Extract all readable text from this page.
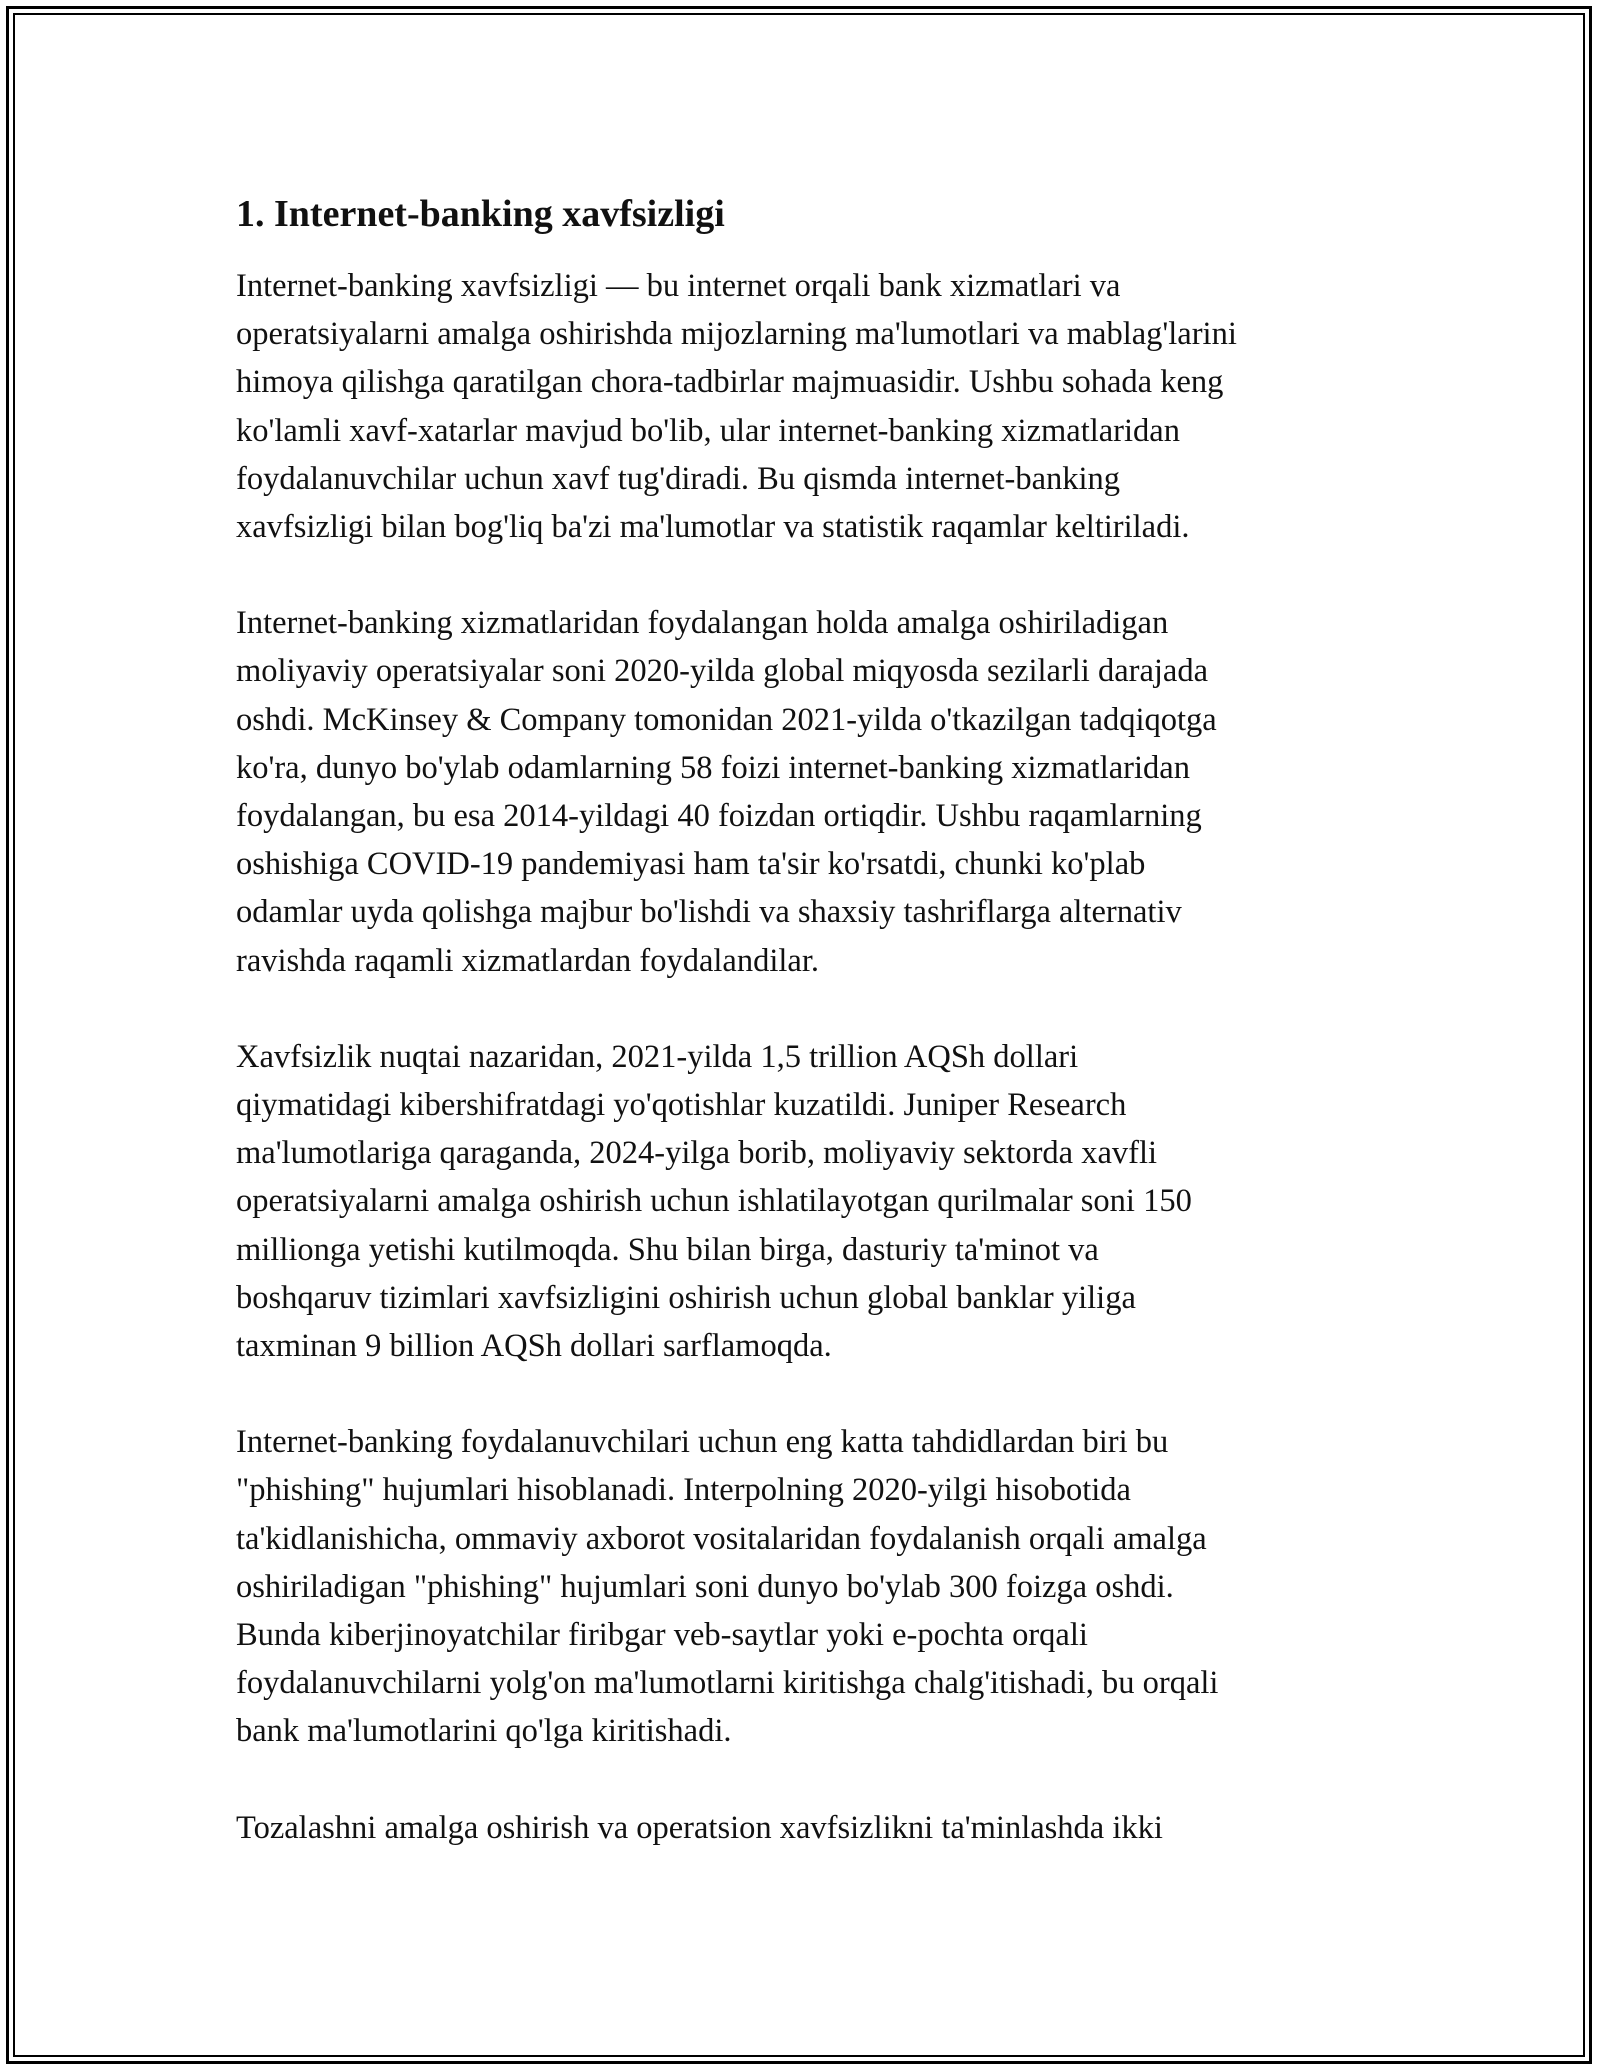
1. Internet-banking xavfsizligi

Internet-banking xavfsizligi — bu internet orqali bank xizmatlari va
operatsiyalarni amalga oshirishda mijozlarning ma'lumotlari va mablag'larini
himoya qilishga qaratilgan chora-tadbirlar majmuasidir. Ushbu sohada keng
ko'lamli xavf-xatarlar mavjud bo'lib, ular internet-banking xizmatlaridan
foydalanuvchilar uchun xavf tug'diradi. Bu qismda internet-banking
xavfsizligi bilan bog'liq ba'zi ma'lumotlar va statistik raqamlar keltiriladi.

Internet-banking xizmatlaridan foydalangan holda amalga oshiriladigan
moliyaviy operatsiyalar soni 2020-yilda global miqyosda sezilarli darajada
oshdi. McKinsey & Company tomonidan 2021-yilda o'tkazilgan tadqiqotga
ko'ra, dunyo bo'ylab odamlarning 58 foizi internet-banking xizmatlaridan
foydalangan, bu esa 2014-yildagi 40 foizdan ortiqdir. Ushbu raqamlarning
oshishiga COVID-19 pandemiyasi ham ta'sir ko'rsatdi, chunki ko'plab
odamlar uyda qolishga majbur bo'lishdi va shaxsiy tashriflarga alternativ
ravishda raqamli xizmatlardan foydalandilar.

Xavfsizlik nuqtai nazaridan, 2021-yilda 1,5 trillion AQSh dollari
qiymatidagi kibershifratdagi yo'qotishlar kuzatildi. Juniper Research
ma'lumotlariga qaraganda, 2024-yilga borib, moliyaviy sektorda xavfli
operatsiyalarni amalga oshirish uchun ishlatilayotgan qurilmalar soni 150
millionga yetishi kutilmoqda. Shu bilan birga, dasturiy ta'minot va
boshqaruv tizimlari xavfsizligini oshirish uchun global banklar yiliga
taxminan 9 billion AQSh dollari sarflamoqda.

Internet-banking foydalanuvchilari uchun eng katta tahdidlardan biri bu
"phishing" hujumlari hisoblanadi. Interpolning 2020-yilgi hisobotida
ta'kidlanishicha, ommaviy axborot vositalaridan foydalanish orqali amalga
oshiriladigan "phishing" hujumlari soni dunyo bo'ylab 300 foizga oshdi.
Bunda kiberjinoyatchilar firibgar veb-saytlar yoki e-pochta orqali
foydalanuvchilarni yolg'on ma'lumotlarni kiritishga chalg'itishadi, bu orqali
bank ma'lumotlarini qo'lga kiritishadi.

Tozalashni amalga oshirish va operatsion xavfsizlikni ta'minlashda ikki
